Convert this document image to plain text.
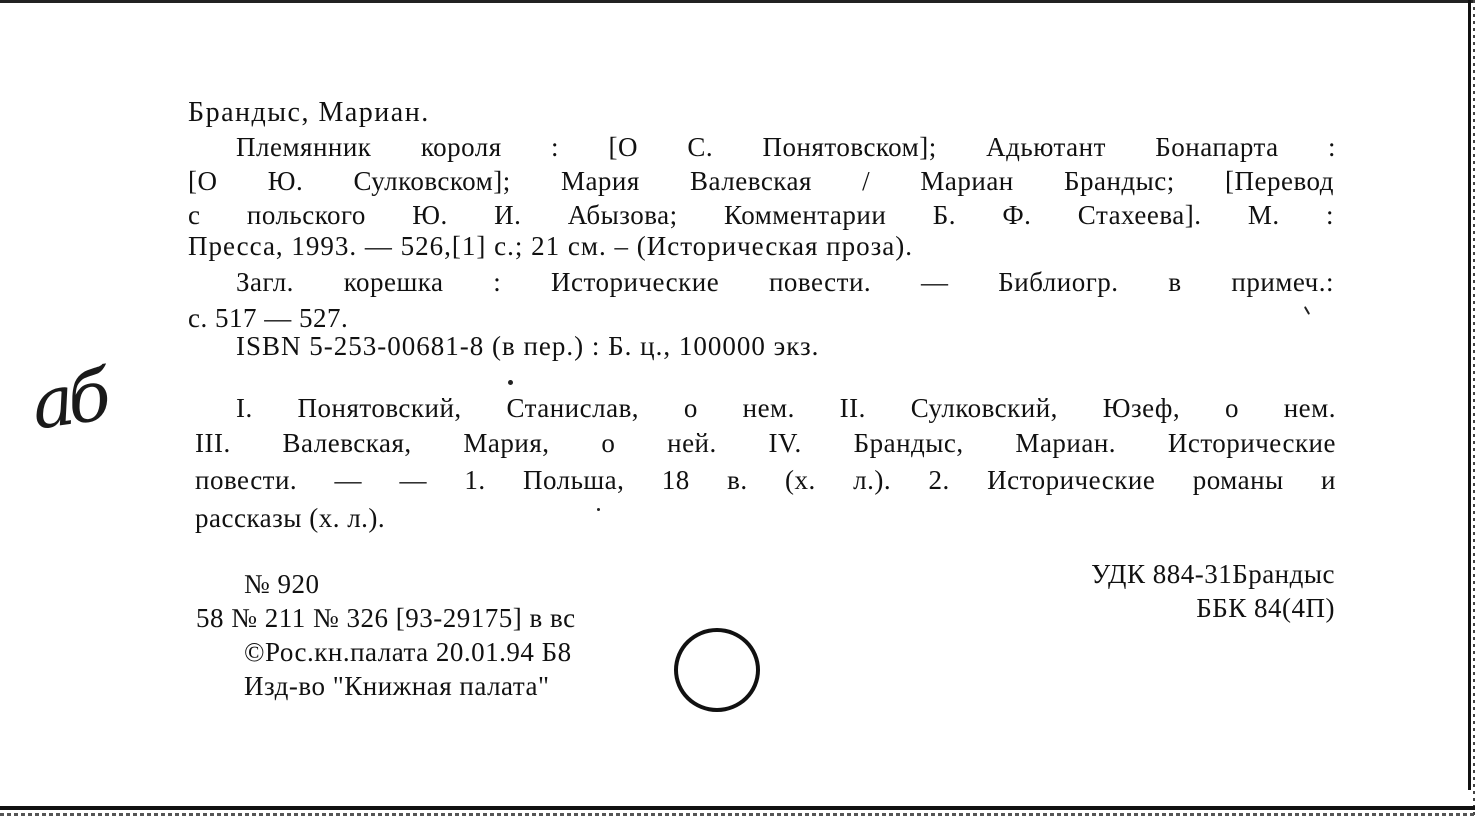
Брандыс, Мариан.
Племянник короля : [О С. Понятовском]; Адьютант Бонапарта :
[О Ю. Сулковском]; Мария Валевская / Мариан Брандыс; [Перевод
с польского Ю. И. Абызова; Комментарии Б. Ф. Стахеева]. М. :
Пресса, 1993. — 526,[1] с.; 21 см. – (Историческая проза).
Загл. корешка : Исторические повести. — Библиогр. в примеч.:
с. 517 — 527.
ISBN 5-253-00681-8 (в пер.) : Б. ц., 100000 экз.
аб	I. Понятовский, Станислав, о нем. II. Сулковский, Юзеф, о нем.
III. Валевская, Мария, о ней. IV. Брандыс, Мариан. Исторические
повести. — — 1. Польша, 18 в. (х. л.). 2. Исторические романы и
рассказы (х. л.).
№ 920
58 № 211 № 326 [93-29175] в вс
©Рос.кн.палата 20.01.94 Б8
Изд-во "Книжная палата"
УДК 884-31Брандыс
ББК 84(4П)
